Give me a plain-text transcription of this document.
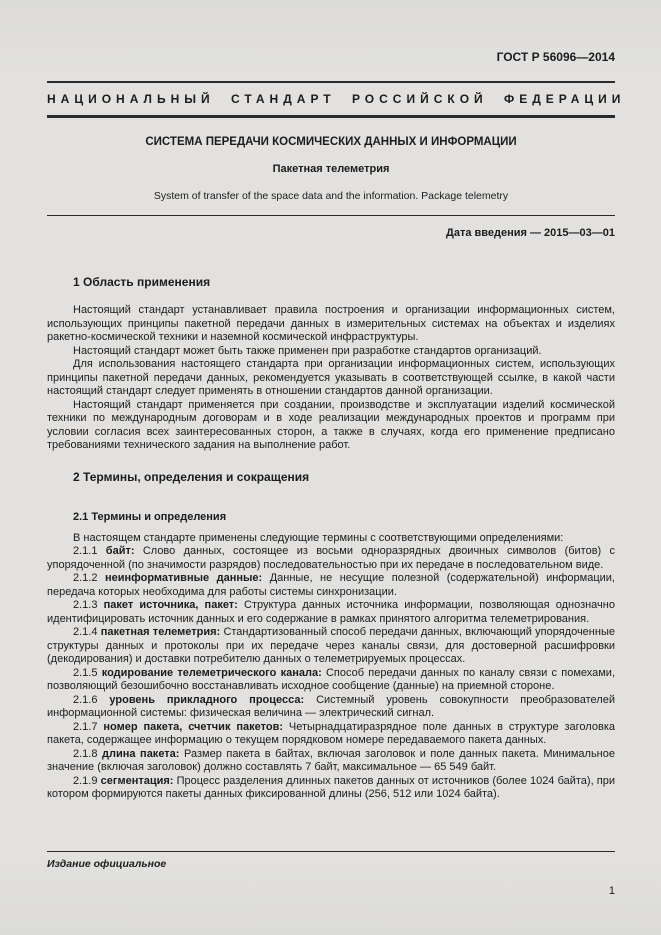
ГОСТ Р 56096—2014
НАЦИОНАЛЬНЫЙ СТАНДАРТ РОССИЙСКОЙ ФЕДЕРАЦИИ
СИСТЕМА ПЕРЕДАЧИ КОСМИЧЕСКИХ ДАННЫХ И ИНФОРМАЦИИ
Пакетная телеметрия
System of transfer of the space data and the information. Package telemetry
Дата введения — 2015—03—01
1 Область применения

Настоящий стандарт устанавливает правила построения и организации информационных систем, использующих принципы пакетной передачи данных в измерительных системах на объектах и изделиях ракетно-космической техники и наземной космической инфраструктуры.

Настоящий стандарт может быть также применен при разработке стандартов организаций.

Для использования настоящего стандарта при организации информационных систем, использующих принципы пакетной передачи данных, рекомендуется указывать в соответствующей ссылке, в какой части настоящий стандарт следует применять в отношении стандартов данной организации.

Настоящий стандарт применяется при создании, производстве и эксплуатации изделий космической техники по международным договорам и в ходе реализации международных проектов и программ при условии согласия всех заинтересованных сторон, а также в случаях, когда его применение предписано требованиями технического задания на выполнение работ.

2 Термины, определения и сокращения
2.1 Термины и определения

В настоящем стандарте применены следующие термины с соответствующими определениями:

2.1.1 байт: Слово данных, состоящее из восьми одноразрядных двоичных символов (битов) с упорядоченной (по значимости разрядов) последовательностью при их передаче в последовательном виде.

2.1.2 неинформативные данные: Данные, не несущие полезной (содержательной) информации, передача которых необходима для работы системы синхронизации.

2.1.3 пакет источника, пакет: Структура данных источника информации, позволяющая однозначно идентифицировать источник данных и его содержание в рамках принятого алгоритма телеметрирования.

2.1.4 пакетная телеметрия: Стандартизованный способ передачи данных, включающий упорядоченные структуры данных и протоколы при их передаче через каналы связи, для достоверной расшифровки (декодирования) и доставки потребителю данных о телеметрируемых процессах.

2.1.5 кодирование телеметрического канала: Способ передачи данных по каналу связи с помехами, позволяющий безошибочно восстанавливать исходное сообщение (данные) на приемной стороне.

2.1.6 уровень прикладного процесса: Системный уровень совокупности преобразователей информационной системы: физическая величина — электрический сигнал.

2.1.7 номер пакета, счетчик пакетов: Четырнадцатиразрядное поле данных в структуре заголовка пакета, содержащее информацию о текущем порядковом номере передаваемого пакета данных.

2.1.8 длина пакета: Размер пакета в байтах, включая заголовок и поле данных пакета. Минимальное значение (включая заголовок) должно составлять 7 байт, максимальное — 65 549 байт.

2.1.9 сегментация: Процесс разделения длинных пакетов данных от источников (более 1024 байта), при котором формируются пакеты данных фиксированной длины (256, 512 или 1024 байта).

Издание официальное
1
